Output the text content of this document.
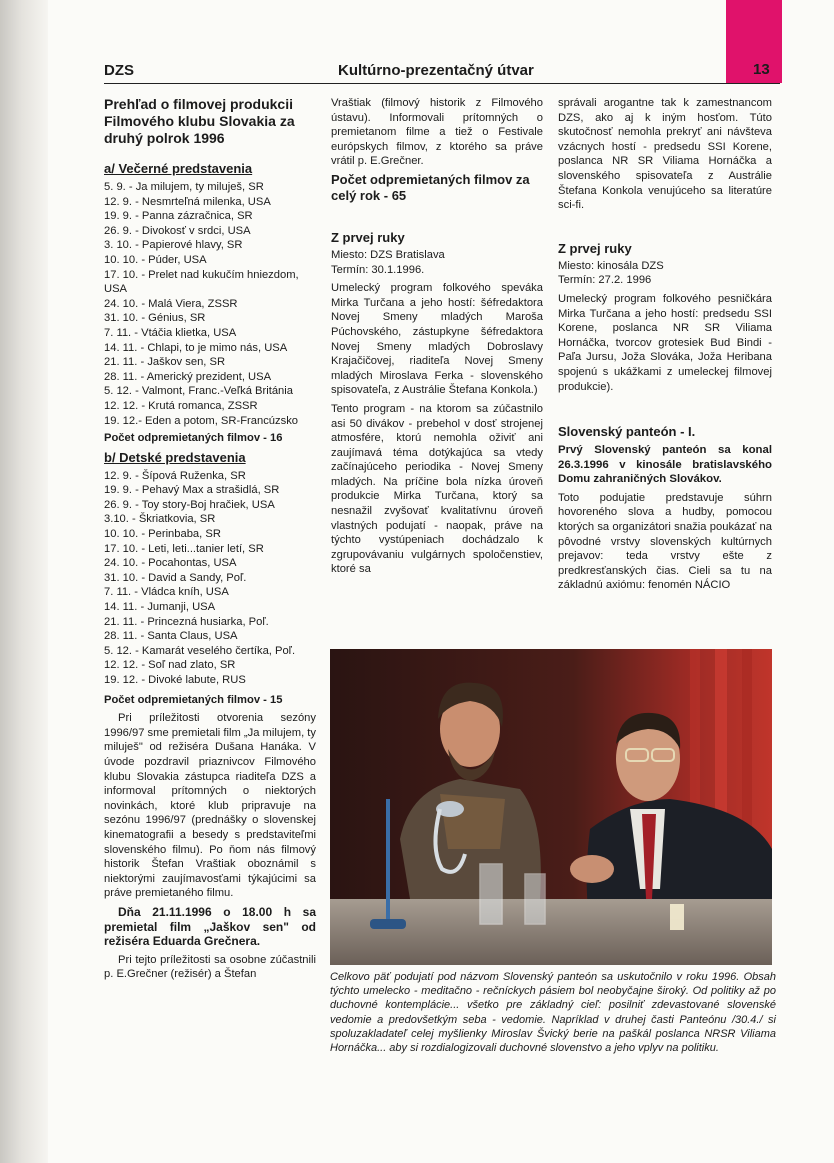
DZS	Kultúrno-prezentačný útvar	13
Prehľad o filmovej produkcii Filmového klubu Slovakia za druhý polrok 1996
a/ Večerné predstavenia
5. 9. - Ja milujem, ty miluješ, SR
12. 9. - Nesmrteľná milenka, USA
19. 9. - Panna zázračnica, SR
26. 9. - Divokosť v srdci, USA
3. 10. - Papierové hlavy, SR
10. 10. - Púder, USA
17. 10. - Prelet nad kukučím hniezdom, USA
24. 10. - Malá Viera, ZSSR
31. 10. - Génius, SR
7. 11. - Vtáčia klietka, USA
14. 11. - Chlapi, to je mimo nás, USA
21. 11. - Jaškov sen, SR
28. 11. - Americký prezident, USA
5. 12. - Valmont, Franc.-Veľká Británia
12. 12. - Krutá romanca, ZSSR
19. 12.- Eden a potom, SR-Francúzsko

Počet odpremietaných filmov - 16

b/ Detské predstavenia
12. 9. - Šípová Ruženka, SR
19. 9. - Pehavý Max a strašidlá, SR
26. 9. - Toy story-Boj hračiek, USA
3.10. - Škriatkovia, SR
10. 10. - Perinbaba, SR
17. 10. - Leti, leti...tanier letí, SR
24. 10. - Pocahontas, USA
31. 10. - David a Sandy, Poľ.
7. 11. - Vládca kníh, USA
14. 11. - Jumanji, USA
21. 11. - Princezná husiarka, Poľ.
28. 11. - Santa Claus, USA
5. 12. - Kamarát veselého čertíka, Poľ.
12. 12. - Soľ nad zlato, SR
19. 12. - Divoké labute, RUS

Počet odpremietaných filmov - 15

Pri príležitosti otvorenia sezóny 1996/97 sme premietali film „Ja milujem, ty miluješ" od režiséra Dušana Hanáka. V úvode pozdravil priaznivcov Filmového klubu Slovakia zástupca riaditeľa DZS a informoval prítomných o niektorých novinkách, ktoré klub pripravuje na sezónu 1996/97 (prednášky o slovenskej kinematografii a besedy s predstaviteľmi slovenského filmu). Po ňom nás filmový historik Štefan Vraštiak oboznámil s niektorými zaujímavosťami týkajúcimi sa práve premietaného filmu.

Dňa 21.11.1996 o 18.00 h sa premietal film „Jaškov sen" od režiséra Eduarda Grečnera.

Pri tejto príležitosti sa osobne zúčastnili p. E.Grečner (režisér) a Štefan

Vraštiak (filmový historik z Filmového ústavu). Informovali prítomných o premietanom filme a tiež o Festivale európskych filmov, z ktorého sa práve vrátil p. E.Grečner.

Počet odpremietaných filmov za celý rok - 65

Z prvej ruky

Miesto: DZS Bratislava

Termín: 30.1.1996.

Umelecký program folkového speváka Mirka Turčana a jeho hostí: šéfredaktora Novej Smeny mladých Maroša Púchovského, zástupkyne šéfredaktora Novej Smeny mladých Dobroslavy Krajačičovej, riaditeľa Novej Smeny mladých Miroslava Ferka - slovenského spisovateľa, z Austrálie Štefana Konkola.)

Tento program - na ktorom sa zúčastnilo asi 50 divákov - prebehol v dosť strojenej atmosfére, ktorú nemohla oživiť ani zaujímavá téma dotýkajúca sa vtedy začínajúceho periodika - Novej Smeny mladých. Na príčine bola nízka úroveň produkcie Mirka Turčana, ktorý sa nesnažil zvyšovať kvalitatívnu úroveň vlastných podujatí - naopak, práve na týchto vystúpeniach dochádzalo k zgrupovávaniu vulgárnych spoločenstiev, ktoré sa

správali arogantne tak k zamestnancom DZS, ako aj k iným hosťom. Túto skutočnosť nemohla prekryť ani návšteva vzácnych hostí - predsedu SSI Korene, poslanca NR SR Viliama Hornáčka a slovenského spisovateľa z Austrálie Štefana Konkola venujúceho sa literatúre sci-fi.

Z prvej ruky

Miesto: kinosála DZS

Termín: 27.2. 1996

Umelecký program folkového pesničkára Mirka Turčana a jeho hostí: predsedu SSI Korene, poslanca NR SR Viliama Hornáčka, tvorcov grotesiek Bud Bindi - Paľa Jursu, Joža Slováka, Joža Heribana spojenú s ukážkami z umeleckej filmovej produkcie).

Slovenský panteón - I.

Prvý Slovenský panteón sa konal 26.3.1996 v kinosále bratislavského Domu zahraničných Slovákov.

Toto podujatie predstavuje súhrn hovoreného slova a hudby, pomocou ktorých sa organizátori snažia poukázať na pôvodné vrstvy slovenských kultúrnych prejavov: teda vrstvy ešte z predkresťanských čias. Cieli sa tu na základnú axiómu: fenomén NÁCIO

Celkovo päť podujatí pod názvom Slovenský panteón sa uskutočnilo v roku 1996. Obsah týchto umelecko - meditačno - rečníckych pásiem bol neobyčajne široký. Od politiky až po duchovné kontemplácie... všetko pre základný cieľ: posilniť zdevastované slovenské vedomie a predovšetkým seba - vedomie. Napríklad v druhej časti Panteónu /30.4./ si spoluzakladateľ celej myšlienky Miroslav Švický berie na paškál poslanca NRSR Viliama Hornáčka... aby si rozdialogizovali duchovné slovenstvo a jeho vplyv na politiku.
